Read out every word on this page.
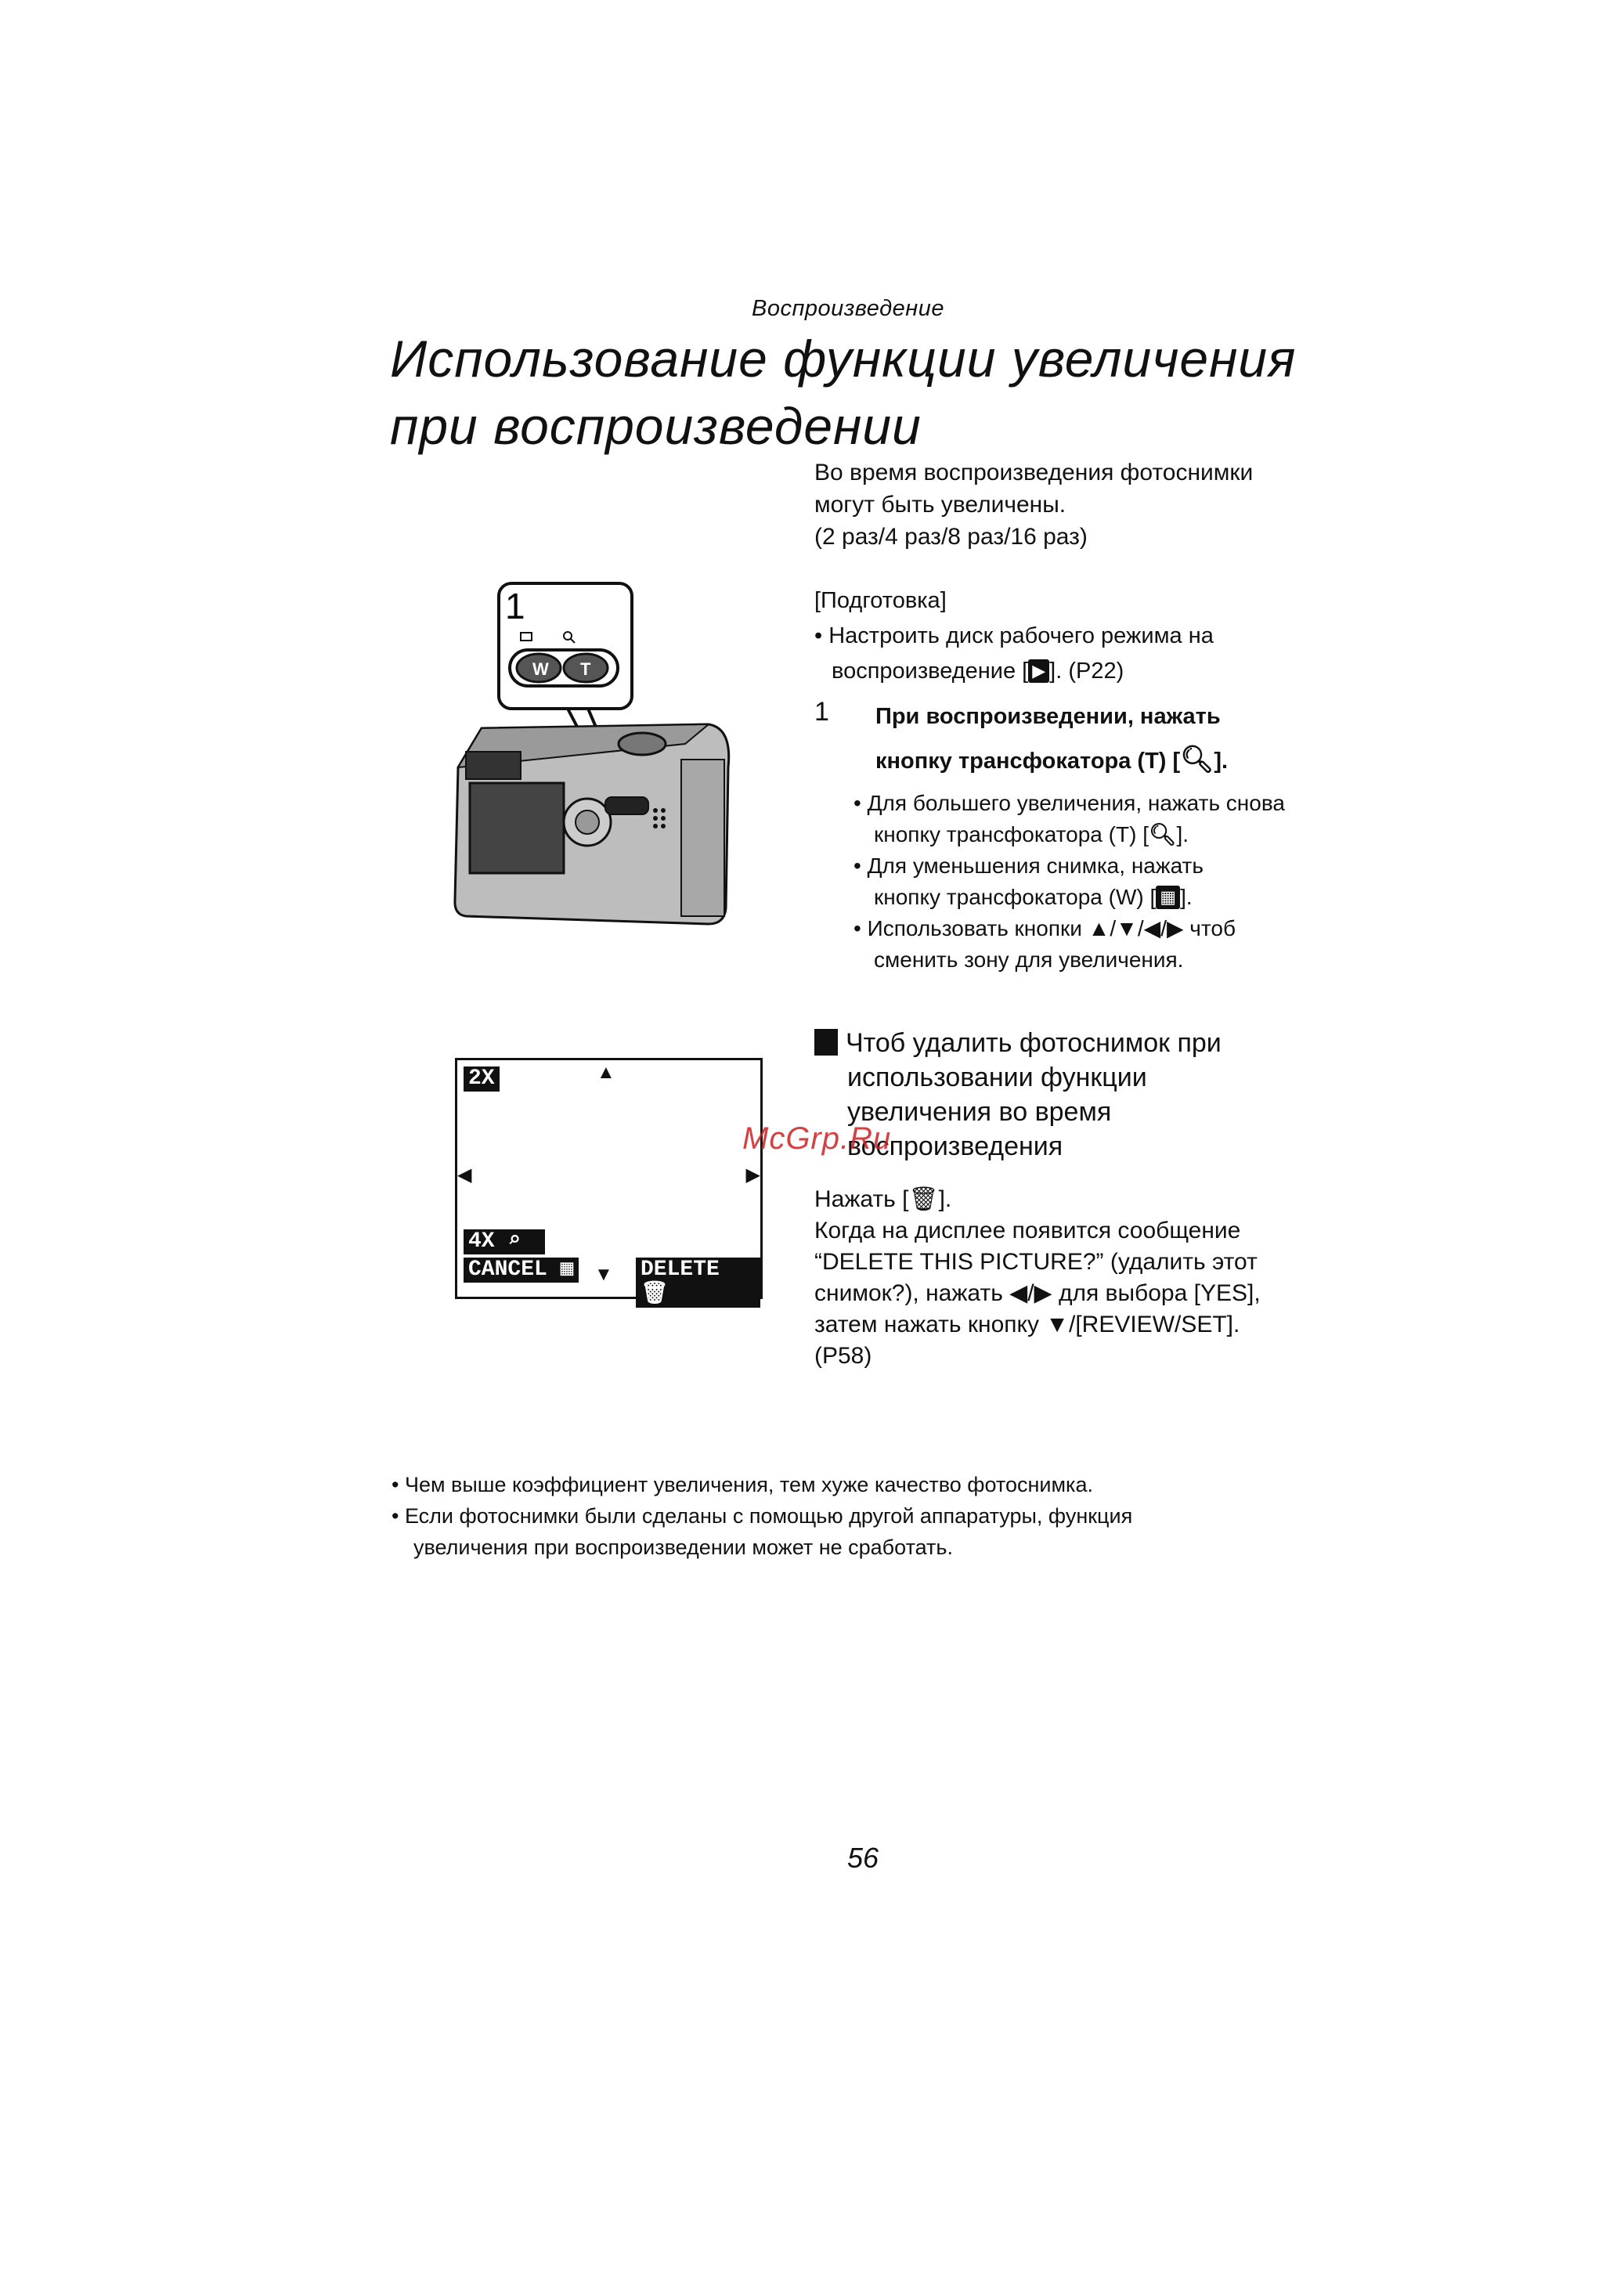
Воспроизведение
Использование функции увеличения
при воспроизведении
Во время воспроизведения фотоснимки
могут быть увеличены.
(2 раз/4 раз/8 раз/16 раз)
1
W T
[Подготовка]
• Настроить диск рабочего режима на
воспроизведение [ ▶ ]. (P22)
1 При воспроизведении, нажать
кнопку трансфокатора (T) [🔍︎].
• Для большего увеличения, нажать снова
кнопку трансфокатора (T) [🔍︎].
• Для уменьшения снимка, нажать
кнопку трансфокатора (W) [ ▦ ].
• Использовать кнопки ▲/▼/◀/▶ чтоб
сменить зону для увеличения.
2X	▲
◀	▶
4X ⌕
CANCEL ▦ ▼ DELETE 🗑︎
Чтоб удалить фотоснимок при
использовании функции
увеличения во время
воспроизведения
McGrp.Ru
Нажать [🗑︎].
Когда на дисплее появится сообщение
“DELETE THIS PICTURE?” (удалить этот
снимок?), нажать ◀/▶ для выбора [YES],
затем нажать кнопку ▼/[REVIEW/SET].
(P58)
• Чем выше коэффициент увеличения, тем хуже качество фотоснимка.
• Если фотоснимки были сделаны с помощью другой аппаратуры, функция
увеличения при воспроизведении может не сработать.
56
